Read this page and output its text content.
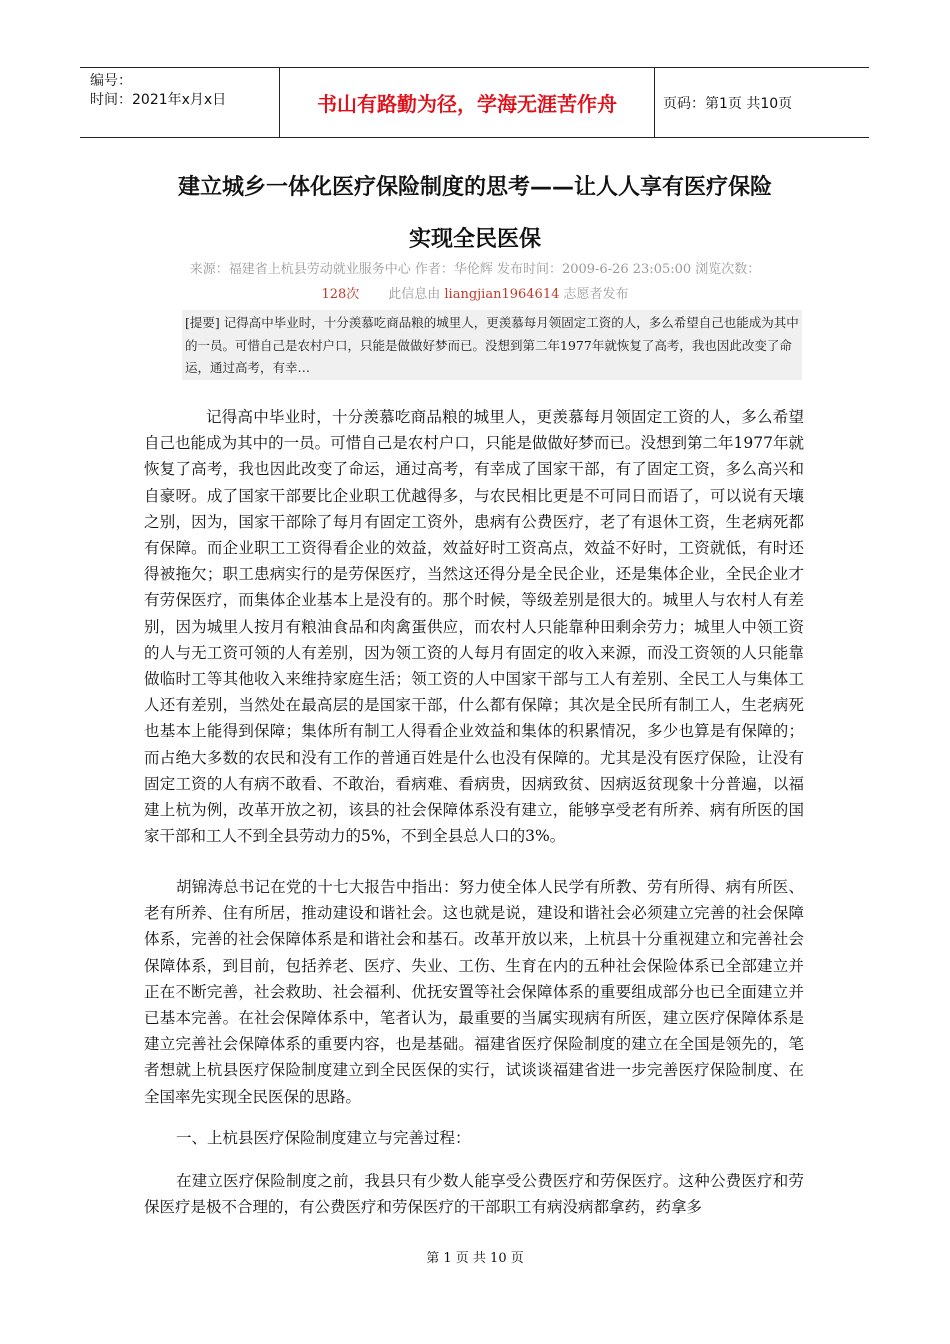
编号：
时间：2021年x月x日	书山有路勤为径，学海无涯苦作舟	页码：第1页 共10页
建立城乡一体化医疗保险制度的思考——让人人享有医疗保险
实现全民医保
来源：福建省上杭县劳动就业服务中心 作者：华伦辉 发布时间：2009-6-26 23:05:00 浏览次数：
128次 此信息由 liangjian1964614 志愿者发布
[提要] 记得高中毕业时，十分羡慕吃商品粮的城里人，更羡慕每月领固定工资的人，多么希望自己也能成为其中的一员。可惜自己是农村户口，只能是做做好梦而已。没想到第二年1977年就恢复了高考，我也因此改变了命运，通过高考，有幸…
记得高中毕业时，十分羡慕吃商品粮的城里人，更羡慕每月领固定工资的人，多么希望自己也能成为其中的一员。可惜自己是农村户口，只能是做做好梦而已。没想到第二年1977年就恢复了高考，我也因此改变了命运，通过高考，有幸成了国家干部，有了固定工资，多么高兴和自豪呀。成了国家干部要比企业职工优越得多，与农民相比更是不可同日而语了，可以说有天壤之别，因为，国家干部除了每月有固定工资外，患病有公费医疗，老了有退休工资，生老病死都有保障。而企业职工工资得看企业的效益，效益好时工资高点，效益不好时，工资就低，有时还得被拖欠；职工患病实行的是劳保医疗，当然这还得分是全民企业，还是集体企业，全民企业才有劳保医疗，而集体企业基本上是没有的。那个时候，等级差别是很大的。城里人与农村人有差别，因为城里人按月有粮油食品和肉禽蛋供应，而农村人只能靠种田剩余劳力；城里人中领工资的人与无工资可领的人有差别，因为领工资的人每月有固定的收入来源，而没工资领的人只能靠做临时工等其他收入来维持家庭生活；领工资的人中国家干部与工人有差别、全民工人与集体工人还有差别，当然处在最高层的是国家干部，什么都有保障；其次是全民所有制工人，生老病死也基本上能得到保障；集体所有制工人得看企业效益和集体的积累情况，多少也算是有保障的；而占绝大多数的农民和没有工作的普通百姓是什么也没有保障的。尤其是没有医疗保险，让没有固定工资的人有病不敢看、不敢治，看病难、看病贵，因病致贫、因病返贫现象十分普遍，以福建上杭为例，改革开放之初，该县的社会保障体系没有建立，能够享受老有所养、病有所医的国家干部和工人不到全县劳动力的5%，不到全县总人口的3%。
胡锦涛总书记在党的十七大报告中指出：努力使全体人民学有所教、劳有所得、病有所医、老有所养、住有所居，推动建设和谐社会。这也就是说，建设和谐社会必须建立完善的社会保障体系，完善的社会保障体系是和谐社会和基石。改革开放以来，上杭县十分重视建立和完善社会保障体系，到目前，包括养老、医疗、失业、工伤、生育在内的五种社会保险体系已全部建立并正在不断完善，社会救助、社会福利、优抚安置等社会保障体系的重要组成部分也已全面建立并已基本完善。在社会保障体系中，笔者认为，最重要的当属实现病有所医，建立医疗保障体系是建立完善社会保障体系的重要内容，也是基础。福建省医疗保险制度的建立在全国是领先的，笔者想就上杭县医疗保险制度建立到全民医保的实行，试谈谈福建省进一步完善医疗保险制度、在全国率先实现全民医保的思路。
一、上杭县医疗保险制度建立与完善过程：
在建立医疗保险制度之前，我县只有少数人能享受公费医疗和劳保医疗。这种公费医疗和劳保医疗是极不合理的，有公费医疗和劳保医疗的干部职工有病没病都拿药，药拿多
第 1 页 共 10 页
